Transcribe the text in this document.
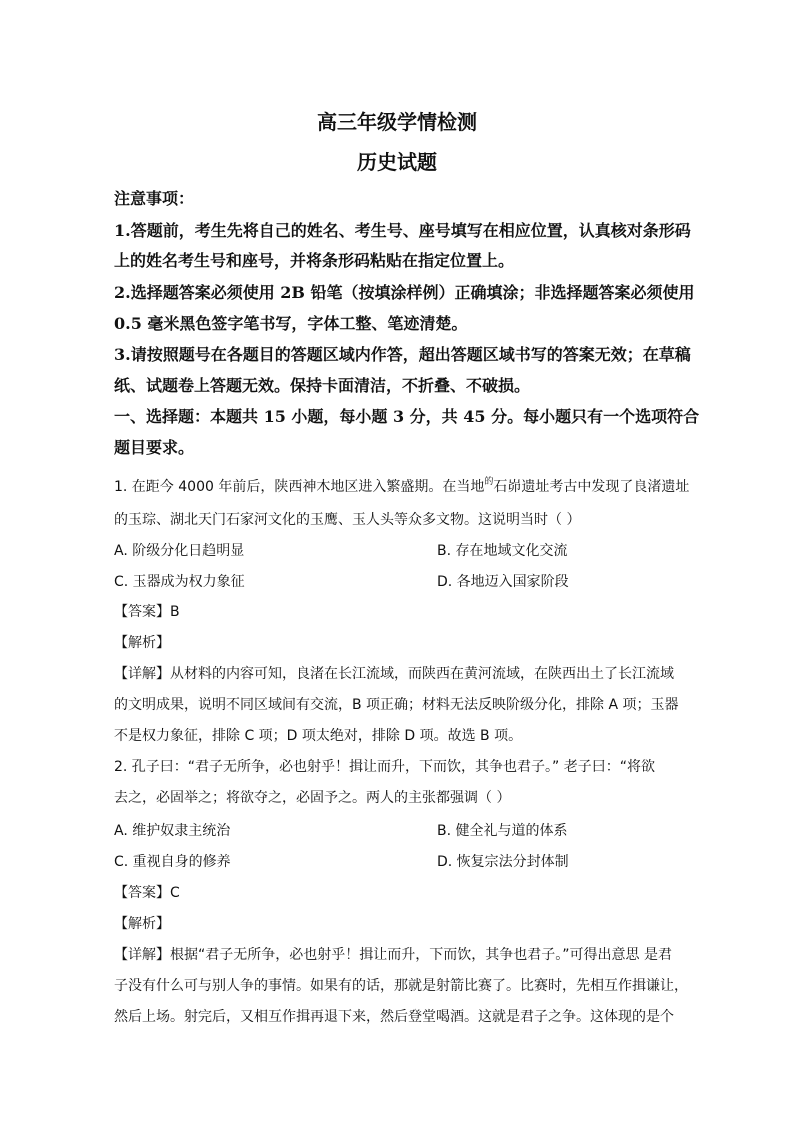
高三年级学情检测
历史试题
注意事项：
1.答题前，考生先将自己的姓名、考生号、座号填写在相应位置，认真核对条形码
上的姓名考生号和座号，并将条形码粘贴在指定位置上。
2.选择题答案必须使用 2B 铅笔（按填涂样例）正确填涂；非选择题答案必须使用
0.5 毫米黑色签字笔书写，字体工整、笔迹清楚。
3.请按照题号在各题目的答题区域内作答，超出答题区域书写的答案无效；在草稿
纸、试题卷上答题无效。保持卡面清洁，不折叠、不破损。
一、选择题：本题共 15 小题，每小题 3 分，共 45 分。每小题只有一个选项符合
题目要求。
1. 在距今 4000 年前后，陕西神木地区进入繁盛期。在当地$^的$石峁遗址考古中发现了良渚遗址
的玉琮、湖北天门石家河文化的玉鹰、玉人头等众多文物。这说明当时（ ）
A. 阶级分化日趋明显	B. 存在地域文化交流
C. 玉器成为权力象征	D. 各地迈入国家阶段
【答案】B
【解析】
【详解】从材料的内容可知，良渚在长江流域，而陕西在黄河流域，在陕西出土了长江流域
的文明成果，说明不同区域间有交流，B 项正确；材料无法反映阶级分化，排除 A 项；玉器
不是权力象征，排除 C 项；D 项太绝对，排除 D 项。故选 B 项。
2. 孔子曰：“君子无所争，必也射乎！揖让而升，下而饮，其争也君子。” 老子曰：“将欲
去之，必固举之；将欲夺之，必固予之。两人的主张都强调（ ）
A. 维护奴隶主统治	B. 健全礼与道的体系
C. 重视自身的修养	D. 恢复宗法分封体制
【答案】C
【解析】
【详解】根据“君子无所争，必也射乎！揖让而升，下而饮，其争也君子。”可得出意思 是君
子没有什么可与别人争的事情。如果有的话，那就是射箭比赛了。比赛时，先相互作揖谦让，
然后上场。射完后，又相互作揖再退下来，然后登堂喝酒。这就是君子之争。这体现的是个
